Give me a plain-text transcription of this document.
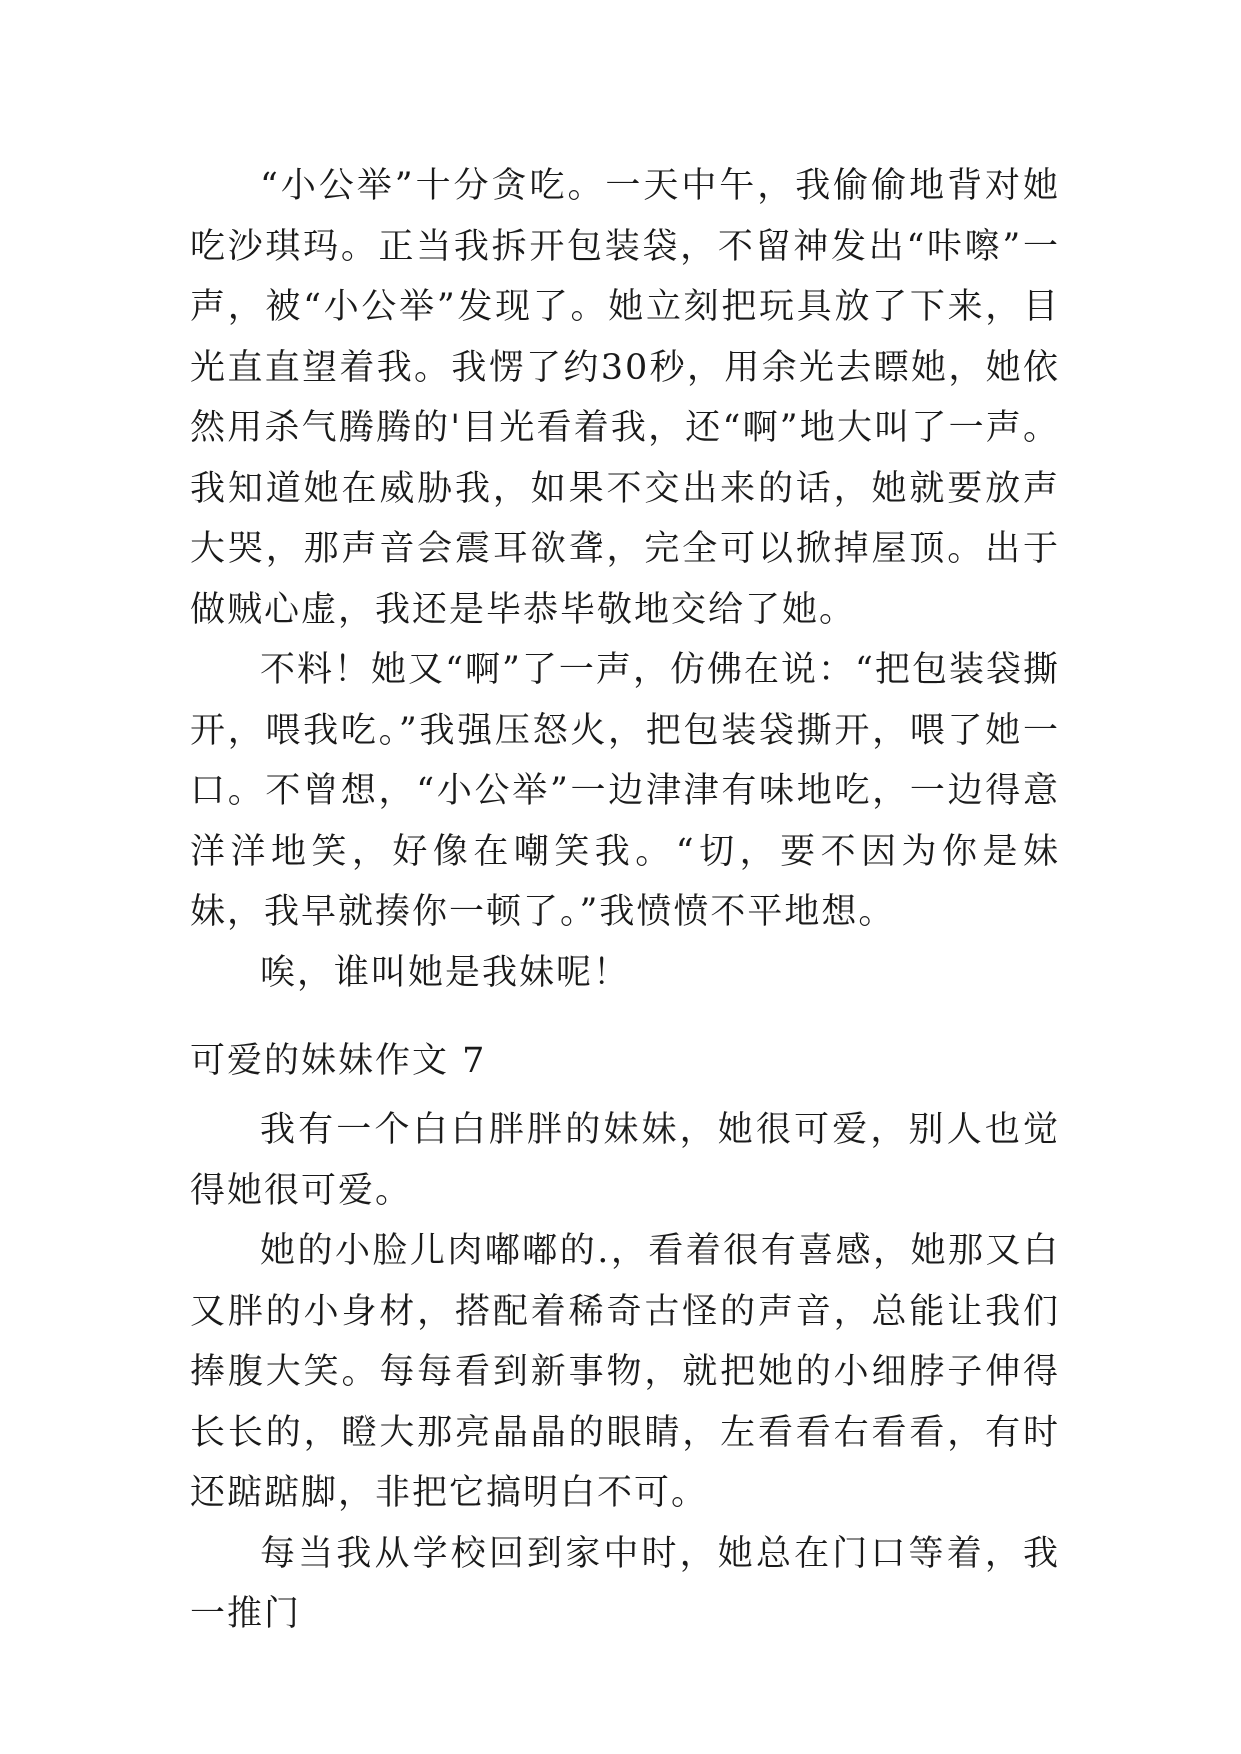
“小公举”十分贪吃。一天中午，我偷偷地背对她吃沙琪玛。正当我拆开包装袋，不留神发出“咔嚓”一声，被“小公举”发现了。她立刻把玩具放了下来，目光直直望着我。我愣了约30秒，用余光去瞟她，她依然用杀气腾腾的'目光看着我，还“啊”地大叫了一声。我知道她在威胁我，如果不交出来的话，她就要放声大哭，那声音会震耳欲聋，完全可以掀掉屋顶。出于做贼心虚，我还是毕恭毕敬地交给了她。

不料！她又“啊”了一声，仿佛在说：“把包装袋撕开，喂我吃。”我强压怒火，把包装袋撕开，喂了她一口。不曾想，“小公举”一边津津有味地吃，一边得意洋洋地笑，好像在嘲笑我。“切，要不因为你是妹妹，我早就揍你一顿了。”我愤愤不平地想。

唉，谁叫她是我妹呢！

可爱的妹妹作文 7

我有一个白白胖胖的妹妹，她很可爱，别人也觉得她很可爱。

她的小脸儿肉嘟嘟的.，看着很有喜感，她那又白又胖的小身材，搭配着稀奇古怪的声音，总能让我们捧腹大笑。每每看到新事物，就把她的小细脖子伸得长长的，瞪大那亮晶晶的眼睛，左看看右看看，有时还踮踮脚，非把它搞明白不可。

每当我从学校回到家中时，她总在门口等着，我一推门
